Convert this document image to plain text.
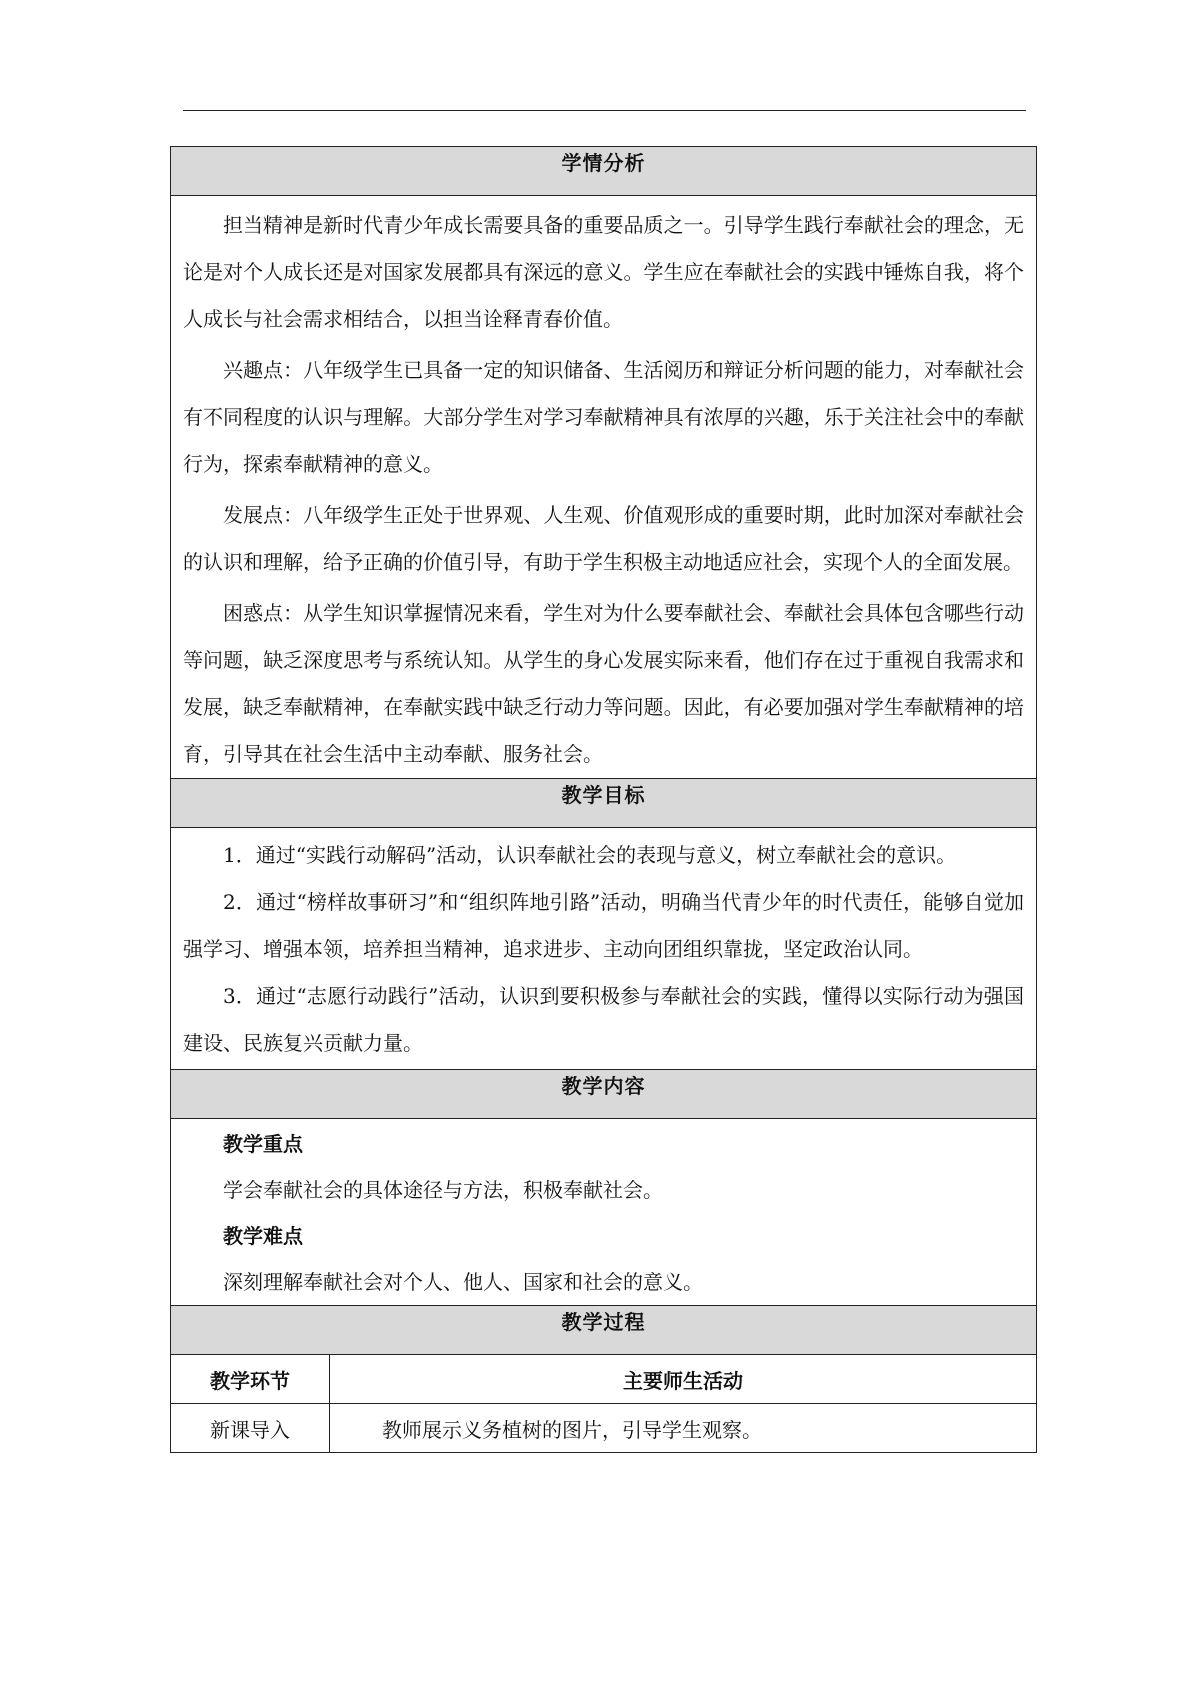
学情分析	

担当精神是新时代青少年成长需要具备的重要品质之一。引导学生践行奉献社会的理念，无论是对个人成长还是对国家发展都具有深远的意义。学生应在奉献社会的实践中锤炼自我，将个人成长与社会需求相结合，以担当诠释青春价值。

兴趣点：八年级学生已具备一定的知识储备、生活阅历和辩证分析问题的能力，对奉献社会有不同程度的认识与理解。大部分学生对学习奉献精神具有浓厚的兴趣，乐于关注社会中的奉献行为，探索奉献精神的意义。

发展点：八年级学生正处于世界观、人生观、价值观形成的重要时期，此时加深对奉献社会的认识和理解，给予正确的价值引导，有助于学生积极主动地适应社会，实现个人的全面发展。

困惑点：从学生知识掌握情况来看，学生对为什么要奉献社会、奉献社会具体包含哪些行动等问题，缺乏深度思考与系统认知。从学生的身心发展实际来看，他们存在过于重视自我需求和发展，缺乏奉献精神，在奉献实践中缺乏行动力等问题。因此，有必要加强对学生奉献精神的培育，引导其在社会生活中主动奉献、服务社会。	

教学目标	

1．通过“实践行动解码”活动，认识奉献社会的表现与意义，树立奉献社会的意识。

2．通过“榜样故事研习”和“组织阵地引路”活动，明确当代青少年的时代责任，能够自觉加强学习、增强本领，培养担当精神，追求进步、主动向团组织靠拢，坚定政治认同。

3．通过“志愿行动践行”活动，认识到要积极参与奉献社会的实践，懂得以实际行动为强国建设、民族复兴贡献力量。	

教学内容	

教学重点

学会奉献社会的具体途径与方法，积极奉献社会。

教学难点

深刻理解奉献社会对个人、他人、国家和社会的意义。	

教学过程	
教学环节	主要师生活动
新课导入	教师展示义务植树的图片，引导学生观察。
